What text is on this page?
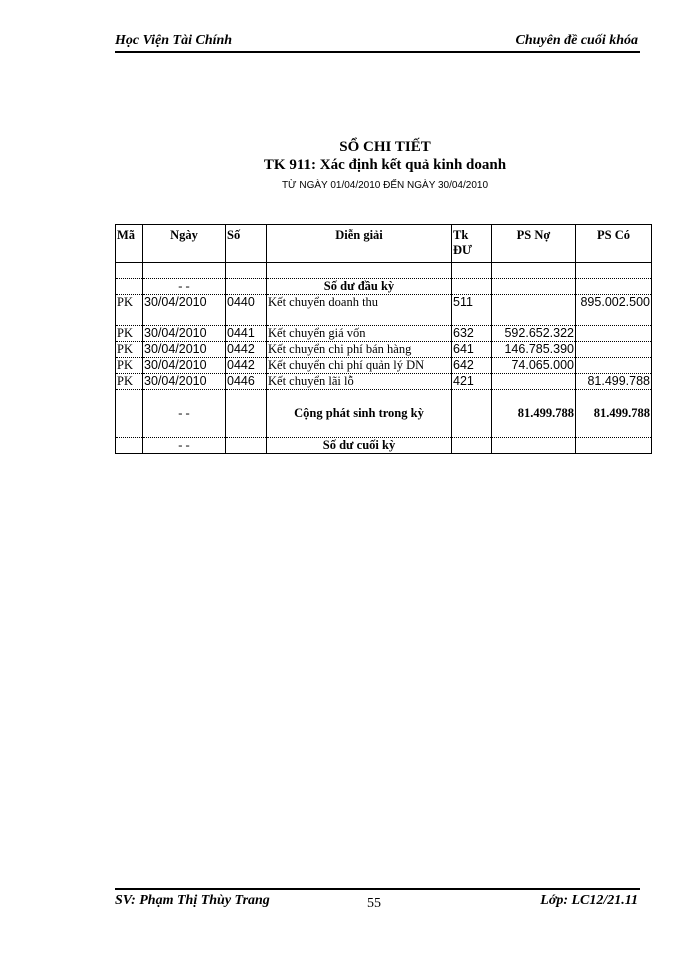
Học Viện Tài Chính	Chuyên đề cuối khóa
SỔ CHI TIẾT
TK 911: Xác định kết quả kinh doanh
TỪ NGÀY 01/04/2010 ĐẾN NGÀY 30/04/2010
Mã	Ngày	Số	Diễn giải	Tk ĐƯ	PS Nợ	PS Có

	- -		Số dư đầu kỳ			
PK	30/04/2010	0440	Kết chuyển doanh thu	511		895.002.500
PK	30/04/2010	0441	Kết chuyển giá vốn	632	592.652.322	
PK	30/04/2010	0442	Kết chuyển chi phí bán hàng	641	146.785.390	
PK	30/04/2010	0442	Kết chuyển chi phí quản lý DN	642	74.065.000	
PK	30/04/2010	0446	Kết chuyển lãi lỗ	421		81.499.788
	- -		Cộng phát sinh trong kỳ		81.499.788	81.499.788
	- -		Số dư cuối kỳ			
SV: Phạm Thị Thùy Trang	55	Lớp: LC12/21.11
